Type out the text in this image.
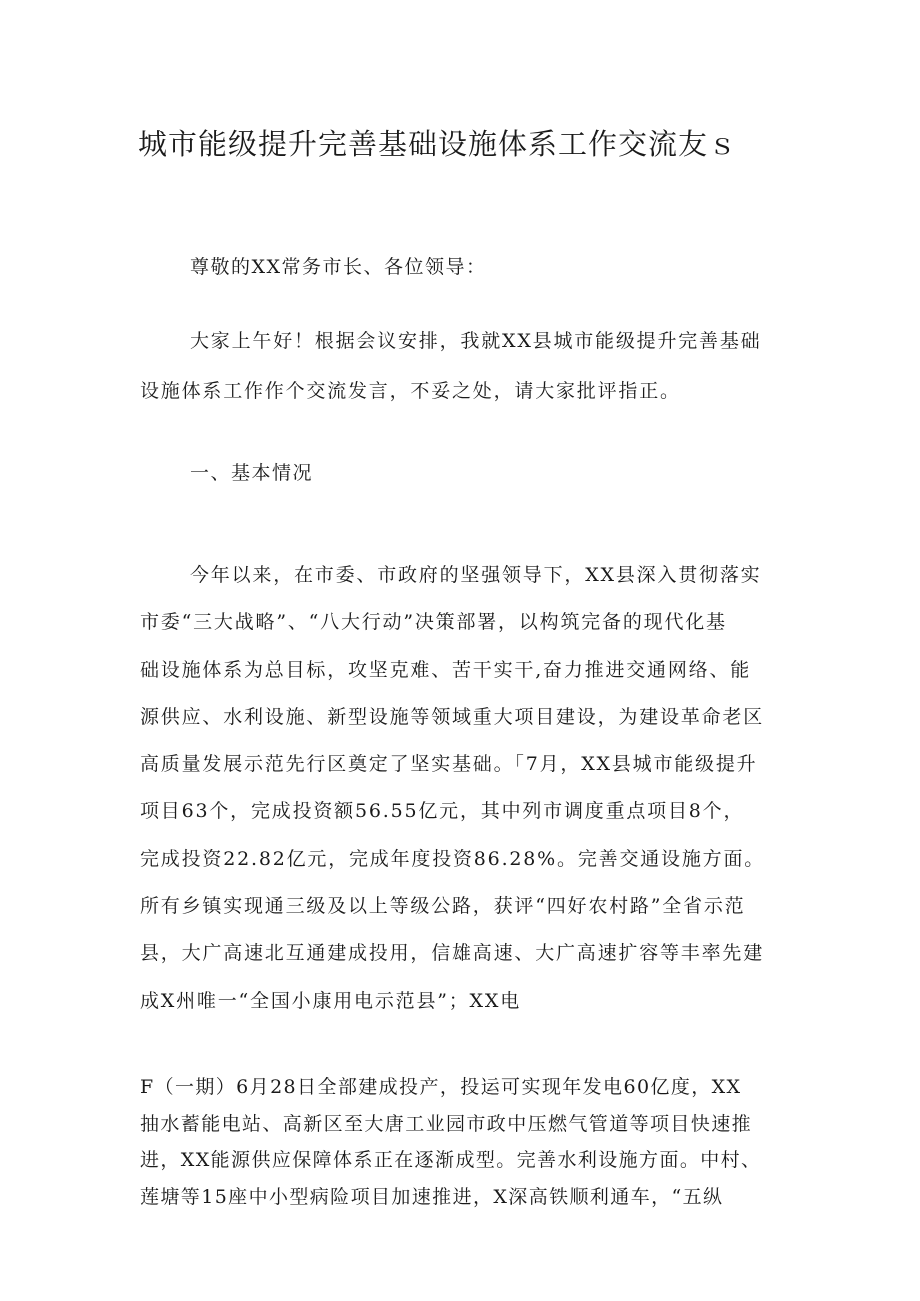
城市能级提升完善基础设施体系工作交流友ｓ
尊敬的XX常务市长、各位领导：

大家上午好！根据会议安排，我就XX县城市能级提升完善基础
设施体系工作作个交流发言，不妥之处，请大家批评指正。

一、基本情况

今年以来，在市委、市政府的坚强领导下，XX县深入贯彻落实
市委“三大战略”、“八大行动”决策部署，以构筑完备的现代化基
础设施体系为总目标，攻坚克难、苦干实干,奋力推进交通网络、能
源供应、水利设施、新型设施等领域重大项目建设，为建设革命老区
高质量发展示范先行区奠定了坚实基础。「7月，XX县城市能级提升
项目63个，完成投资额56.55亿元，其中列市调度重点项目8个，
完成投资22.82亿元，完成年度投资86.28%。完善交通设施方面。
所有乡镇实现通三级及以上等级公路，获评“四好农村路”全省示范
县，大广高速北互通建成投用，信雄高速、大广高速扩容等丰率先建
成X州唯一“全国小康用电示范县”；XX电

F（一期）6月28日全部建成投产，投运可实现年发电60亿度，XX
抽水蓄能电站、高新区至大唐工业园市政中压燃气管道等项目快速推
进，XX能源供应保障体系正在逐渐成型。完善水利设施方面。中村、
莲塘等15座中小型病险项目加速推进，X深高铁顺利通车，“五纵
